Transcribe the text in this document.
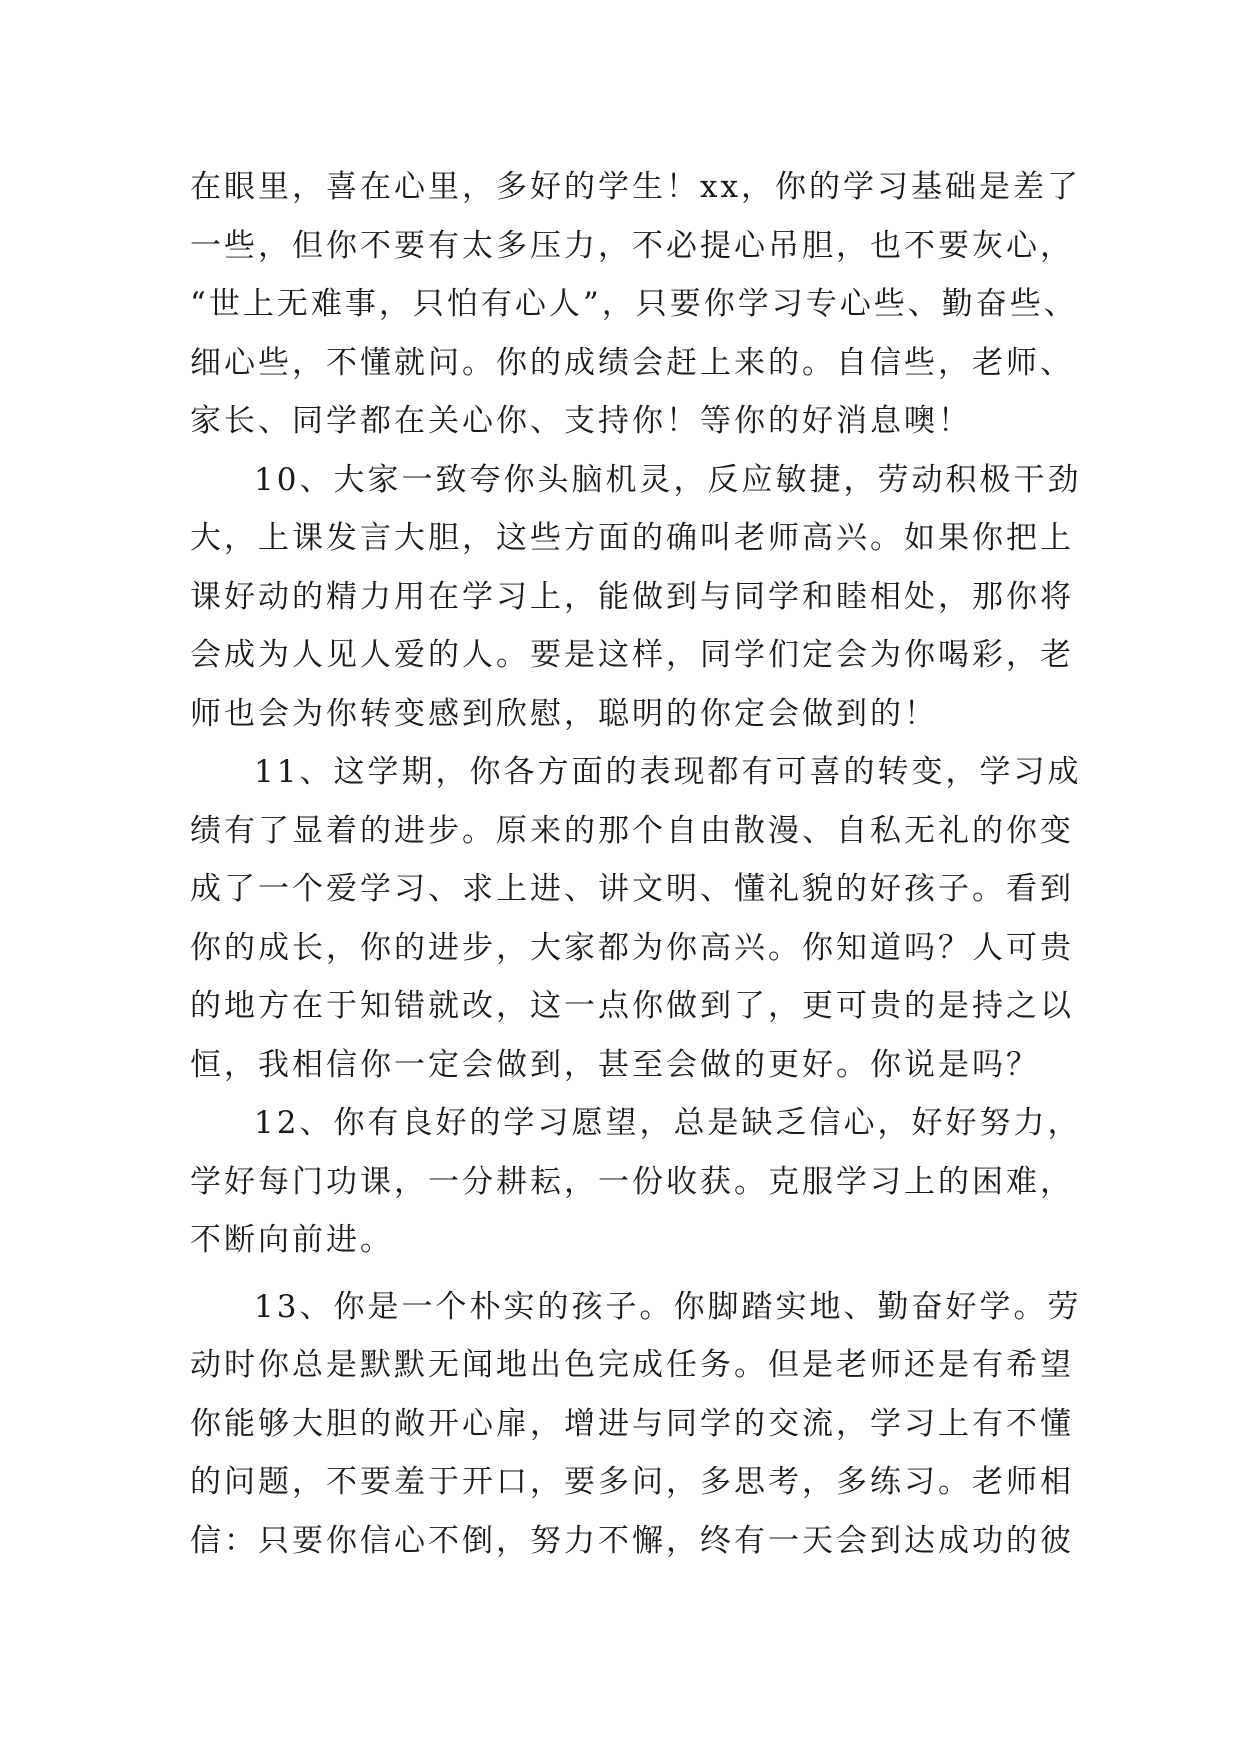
在眼里，喜在心里，多好的学生！xx，你的学习基础是差了
一些，但你不要有太多压力，不必提心吊胆，也不要灰心，
“世上无难事，只怕有心人”，只要你学习专心些、勤奋些、
细心些，不懂就问。你的成绩会赶上来的。自信些，老师、
家长、同学都在关心你、支持你！等你的好消息噢！
10、大家一致夸你头脑机灵，反应敏捷，劳动积极干劲
大，上课发言大胆，这些方面的确叫老师高兴。如果你把上
课好动的精力用在学习上，能做到与同学和睦相处，那你将
会成为人见人爱的人。要是这样，同学们定会为你喝彩，老
师也会为你转变感到欣慰，聪明的你定会做到的！
11、这学期，你各方面的表现都有可喜的转变，学习成
绩有了显着的进步。原来的那个自由散漫、自私无礼的你变
成了一个爱学习、求上进、讲文明、懂礼貌的好孩子。看到
你的成长，你的进步，大家都为你高兴。你知道吗？人可贵
的地方在于知错就改，这一点你做到了，更可贵的是持之以
恒，我相信你一定会做到，甚至会做的更好。你说是吗？
12、你有良好的学习愿望，总是缺乏信心，好好努力，
学好每门功课，一分耕耘，一份收获。克服学习上的困难，
不断向前进。
13、你是一个朴实的孩子。你脚踏实地、勤奋好学。劳
动时你总是默默无闻地出色完成任务。但是老师还是有希望
你能够大胆的敞开心扉，增进与同学的交流，学习上有不懂
的问题，不要羞于开口，要多问，多思考，多练习。老师相
信：只要你信心不倒，努力不懈，终有一天会到达成功的彼
